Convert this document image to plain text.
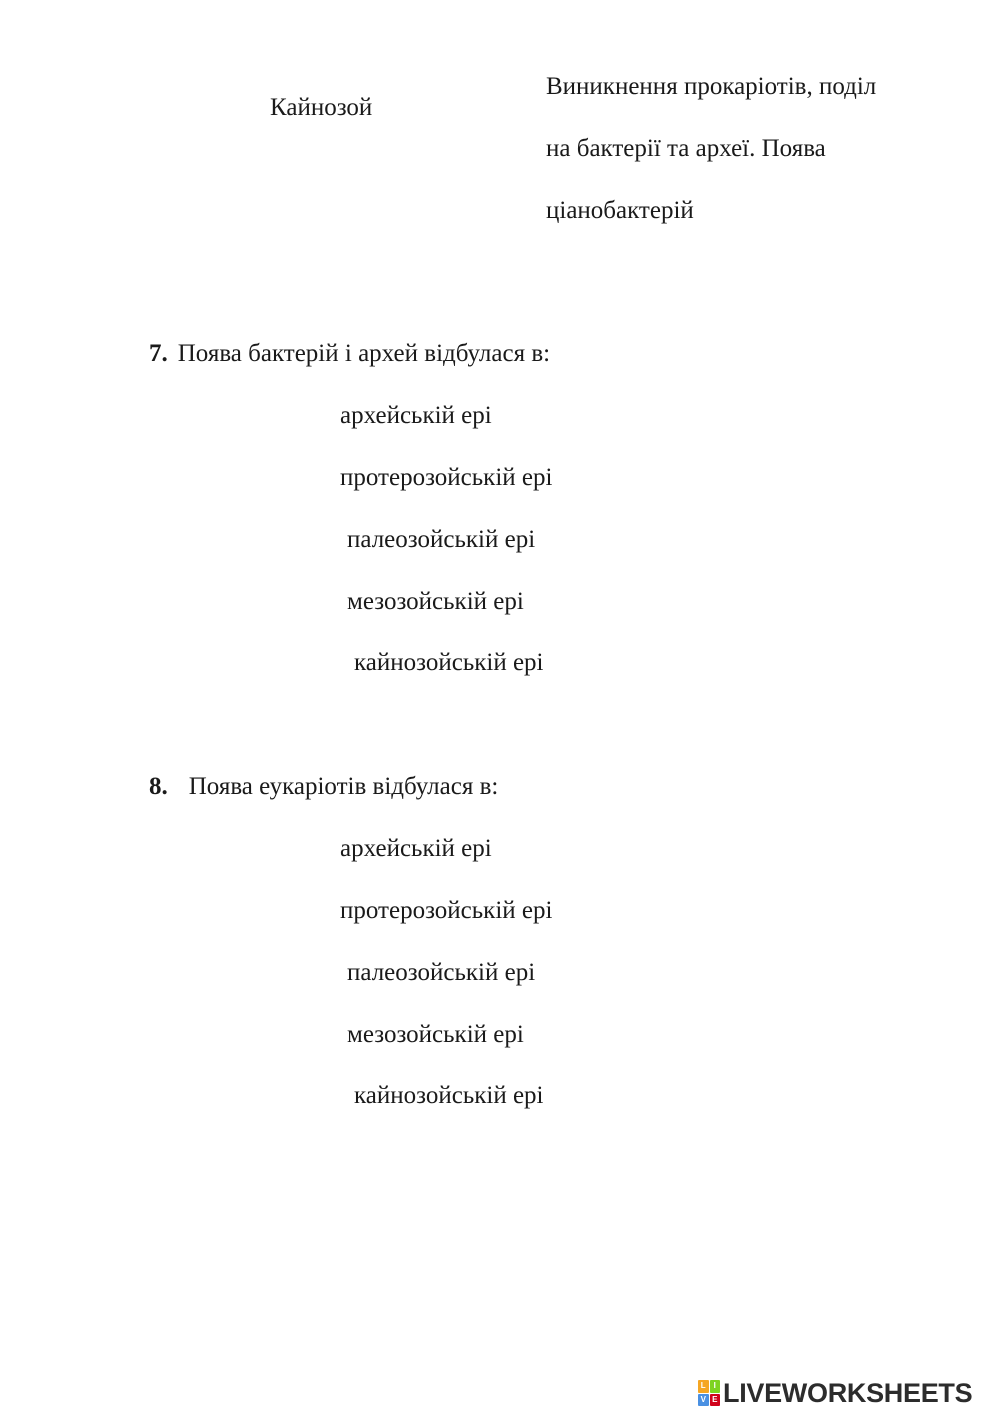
Кайнозой
Виникнення прокаріотів, поділ
на бактерії та археї. Поява
ціанобактерій
7. Поява бактерій і архей відбулася в:
архейській ері
протерозойській ері
палеозойській ері
мезозойській ері
кайнозойській ері
8. Поява еукаріотів відбулася в:
архейській ері
протерозойській ері
палеозойській ері
мезозойській ері
кайнозойській ері
L I
V E LIVEWORKSHEETS
